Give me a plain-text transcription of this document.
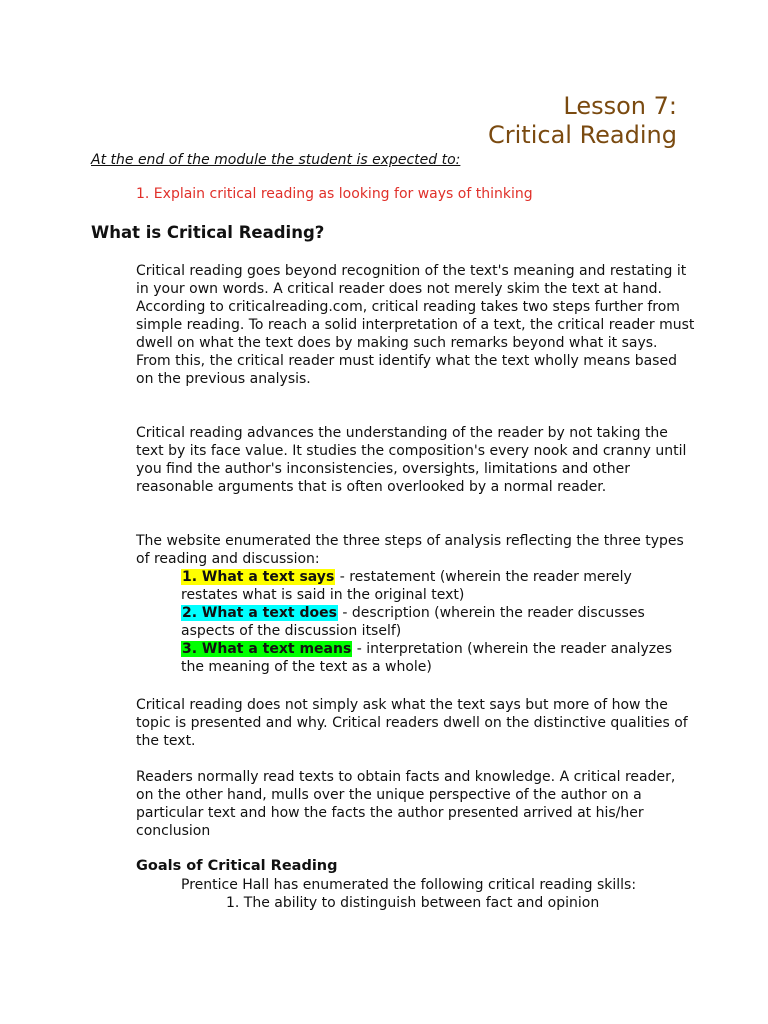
Lesson 7:
Critical Reading
At the end of the module the student is expected to:
1. Explain critical reading as looking for ways of thinking
What is Critical Reading?
Critical reading goes beyond recognition of the text's meaning and restating it in your own words. A critical reader does not merely skim the text at hand. According to criticalreading.com, critical reading takes two steps further from simple reading. To reach a solid interpretation of a text, the critical reader must dwell on what the text does by making such remarks beyond what it says. From this, the critical reader must identify what the text wholly means based on the previous analysis.
Critical reading advances the understanding of the reader by not taking the text by its face value. It studies the composition's every nook and cranny until you find the author's inconsistencies, oversights, limitations and other reasonable arguments that is often overlooked by a normal reader.
The website enumerated the three steps of analysis reflecting the three types of reading and discussion:
1. What a text says - restatement (wherein the reader merely restates what is said in the original text)
2. What a text does - description (wherein the reader discusses aspects of the discussion itself)
3. What a text means - interpretation (wherein the reader analyzes the meaning of the text as a whole)
Critical reading does not simply ask what the text says but more of how the topic is presented and why. Critical readers dwell on the distinctive qualities of the text.
Readers normally read texts to obtain facts and knowledge. A critical reader, on the other hand, mulls over the unique perspective of the author on a particular text and how the facts the author presented arrived at his/her conclusion
Goals of Critical Reading
Prentice Hall has enumerated the following critical reading skills:
1. The ability to distinguish between fact and opinion
